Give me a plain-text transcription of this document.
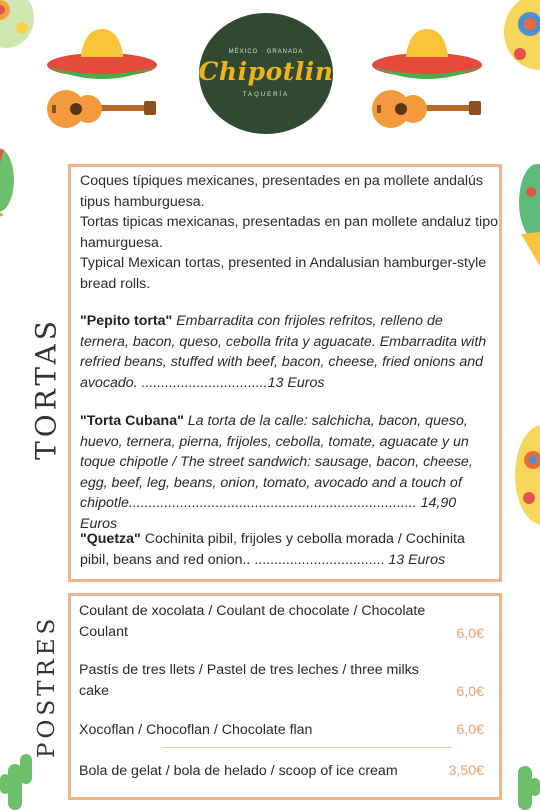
MÉXICO · GRANADA
Chipotlin
TAQUERÍA
TORTAS
Coques típiques mexicanes, presentades en pa mollete andalús tipus hamburguesa.
Tortas tipicas mexicanas, presentadas en pan mollete andaluz tipo hamurguesa.
Typical Mexican tortas, presented in Andalusian hamburger-style bread rolls.
"Pepito torta" Embarradita con frijoles refritos, relleno de ternera, bacon, queso, cebolla frita y aguacate. Embarradita with refried beans, stuffed with beef, bacon, cheese, fried onions and avocado. ................................13 Euros
"Torta Cubana" La torta de la calle: salchicha, bacon, queso, huevo, ternera, pierna, frijoles, cebolla, tomate, aguacate y un toque chipotle / The street sandwich: sausage, bacon, cheese, egg, beef, leg, beans, onion, tomato, avocado and a touch of chipotle......................................................................... 14,90 Euros
"Quetza" Cochinita pibil, frijoles y cebolla morada / Cochinita pibil, beans and red onion.. ................................. 13 Euros
POSTRES
Coulant de xocolata / Coulant de chocolate / Chocolate Coulant	6,0€
Pastís de tres llets / Pastel de tres leches / three milks cake	6,0€
Xocoflan / Chocoflan / Chocolate flan	6,0€
Bola de gelat / bola de helado / scoop of ice cream	3,50€
